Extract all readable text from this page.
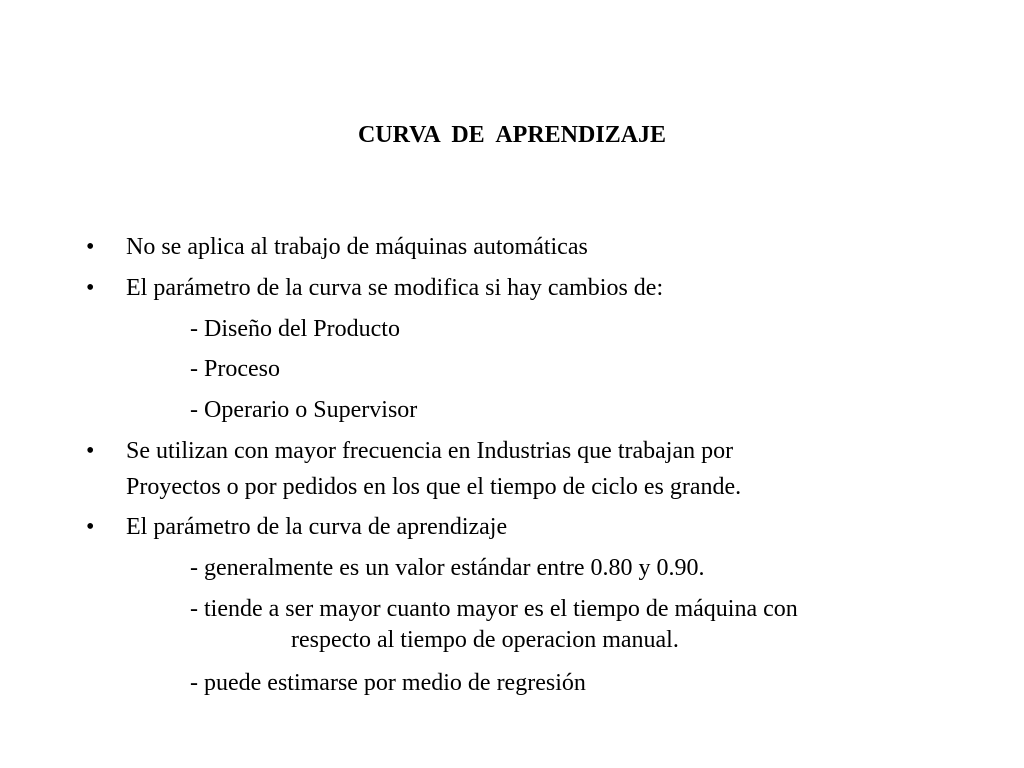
CURVA  DE  APRENDIZAJE
• No se aplica al trabajo de máquinas automáticas
• El parámetro de la curva se modifica si hay cambios de:
- Diseño del Producto
- Proceso
- Operario o Supervisor
• Se utilizan con mayor frecuencia en Industrias que trabajan por
Proyectos o por pedidos en los que el tiempo de ciclo es grande.
• El parámetro de la curva de aprendizaje
- generalmente es un valor estándar entre 0.80 y 0.90.
- tiende a ser mayor cuanto mayor es el tiempo de máquina con
respecto al tiempo de operacion manual.
- puede estimarse por medio de regresión
